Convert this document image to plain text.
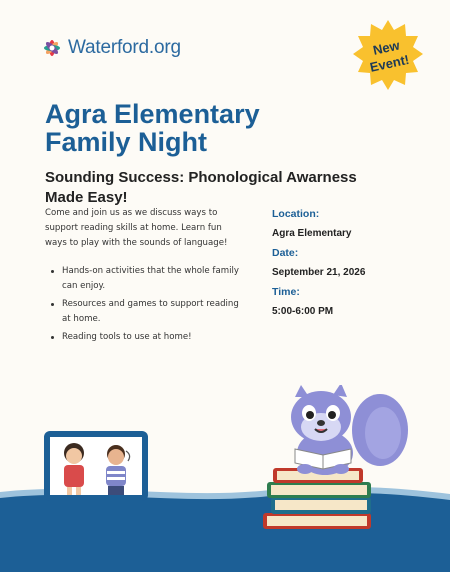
Waterford.org	New
Event!
Agra Elementary
Family Night
Sounding Success: Phonological Awarness Made Easy!

Come and join us as we discuss ways to support reading skills at home. Learn fun ways to play with the sounds of language!

Hands-on activities that the whole family can enjoy.
Resources and games to support reading at home.
Reading tools to use at home!
Location:
Agra Elementary
Date:
September 21, 2026
Time:
5:00-6:00 PM
